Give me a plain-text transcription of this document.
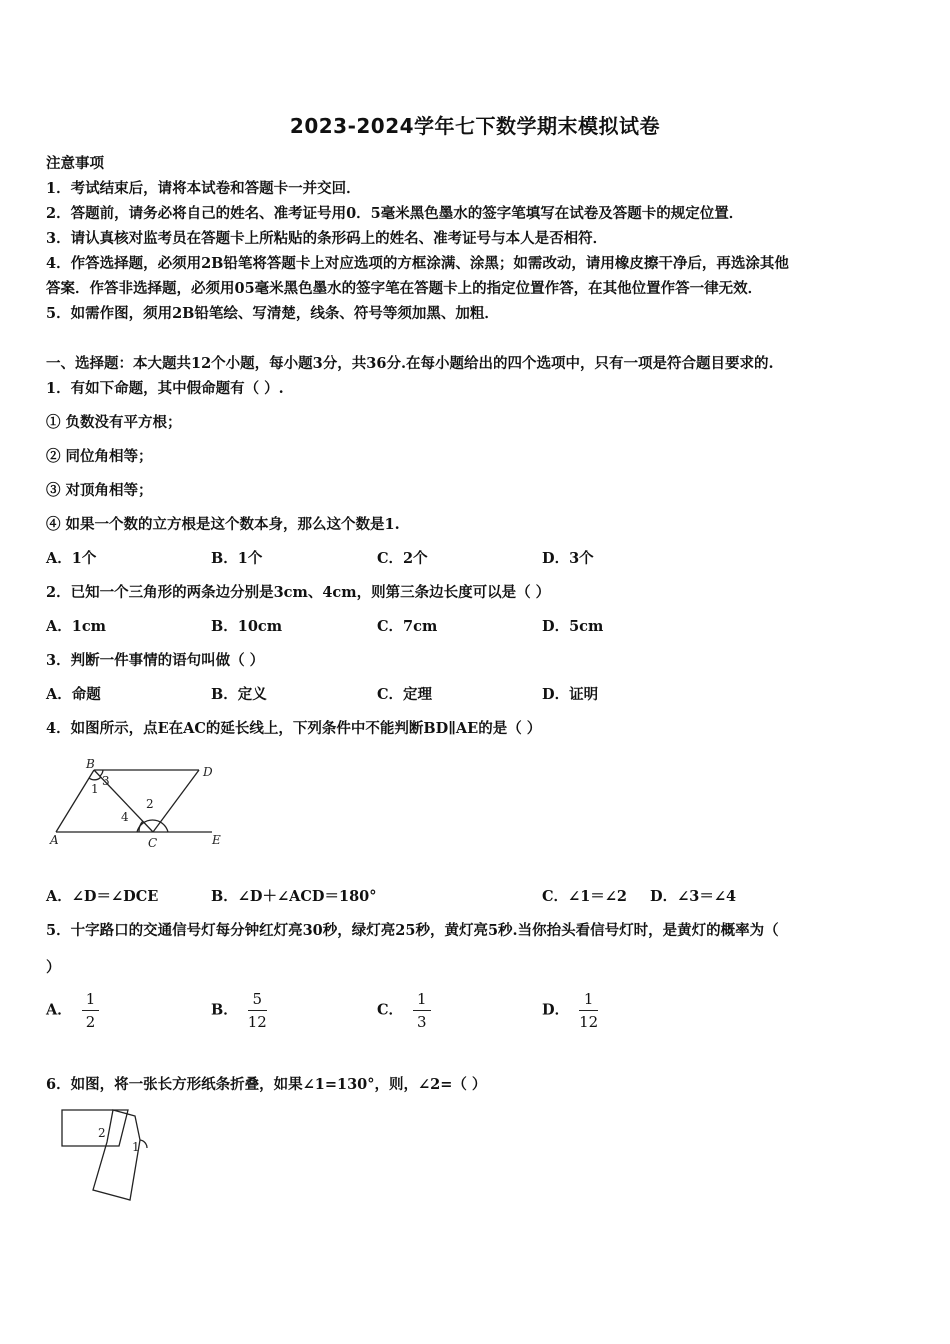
2023-2024学年七下数学期末模拟试卷
注意事项
1．考试结束后，请将本试卷和答题卡一并交回．
2．答题前，请务必将自己的姓名、准考证号用0．5毫米黑色墨水的签字笔填写在试卷及答题卡的规定位置．
3．请认真核对监考员在答题卡上所粘贴的条形码上的姓名、准考证号与本人是否相符．
4．作答选择题，必须用2B铅笔将答题卡上对应选项的方框涂满、涂黑；如需改动，请用橡皮擦干净后，再选涂其他
答案．作答非选择题，必须用05毫米黑色墨水的签字笔在答题卡上的指定位置作答，在其他位置作答一律无效．
5．如需作图，须用2B铅笔绘、写清楚，线条、符号等须加黑、加粗．
一、选择题：本大题共12个小题，每小题3分，共36分.在每小题给出的四个选项中，只有一项是符合题目要求的.
1．有如下命题，其中假命题有（ ）.
① 负数没有平方根；
② 同位角相等；
③ 对顶角相等；
④ 如果一个数的立方根是这个数本身，那么这个数是1.
A．1个	B．1个	C．2个	D．3个
2．已知一个三角形的两条边分别是3cm、4cm，则第三条边长度可以是（ ）
A．1cm	B．10cm	C．7cm	D．5cm
3．判断一件事情的语句叫做（ ）
A．命题	B．定义	C．定理	D．证明
4．如图所示，点E在AC的延长线上，下列条件中不能判断BD∥AE的是（ ）
A
B
C
D
E
1
2
3
4
A．∠D＝∠DCE	B．∠D＋∠ACD＝180°	C．∠1＝∠2 D．∠3＝∠4
5．十字路口的交通信号灯每分钟红灯亮30秒，绿灯亮25秒，黄灯亮5秒.当你抬头看信号灯时，是黄灯的概率为（
）
A． $\frac{1}{2}$	B． $\frac{5}{12}$	C． $\frac{1}{3}$	D． $\frac{1}{12}$
6．如图，将一张长方形纸条折叠，如果∠1=130°，则，∠2=（ ）
2
1
